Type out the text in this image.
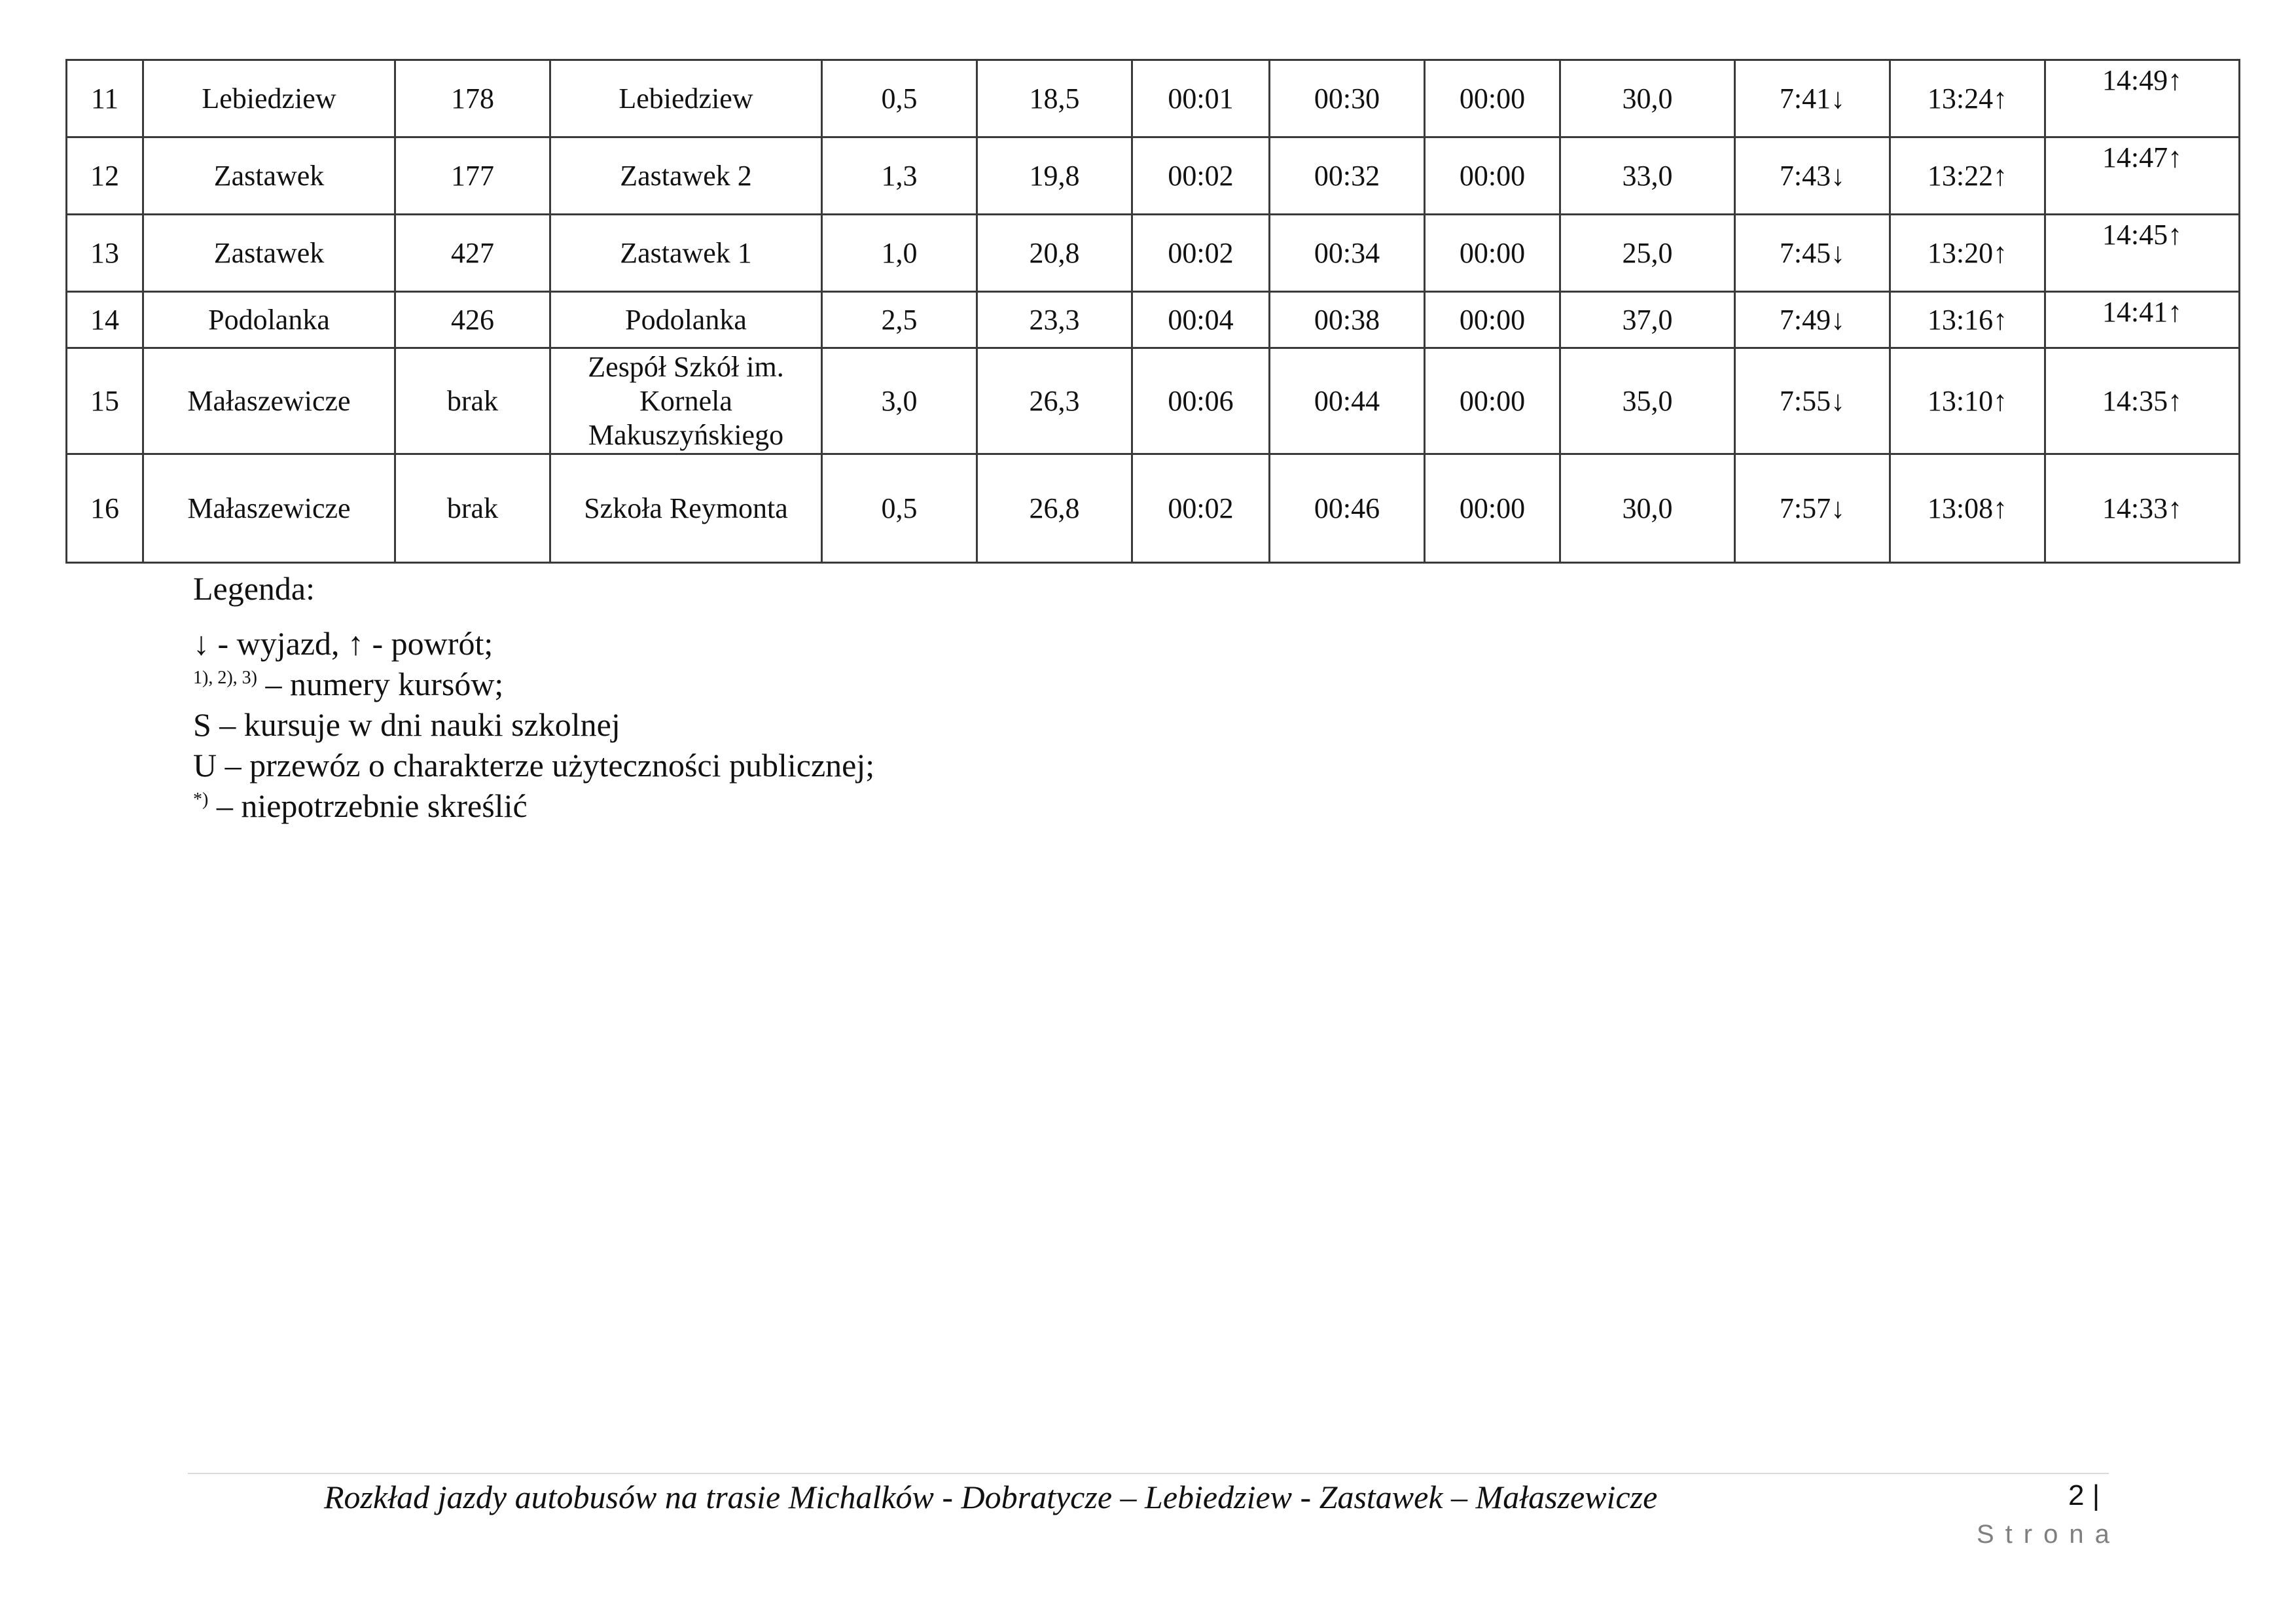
11	Lebiedziew	178	Lebiedziew	0,5	18,5	00:01	00:30	00:00	30,0	7:41↓	13:24↑	14:49↑
12	Zastawek	177	Zastawek 2	1,3	19,8	00:02	00:32	00:00	33,0	7:43↓	13:22↑	14:47↑
13	Zastawek	427	Zastawek 1	1,0	20,8	00:02	00:34	00:00	25,0	7:45↓	13:20↑	14:45↑
14	Podolanka	426	Podolanka	2,5	23,3	00:04	00:38	00:00	37,0	7:49↓	13:16↑	14:41↑
15	Małaszewicze	brak	Zespół Szkół im. Kornela Makuszyńskiego	3,0	26,3	00:06	00:44	00:00	35,0	7:55↓	13:10↑	14:35↑
16	Małaszewicze	brak	Szkoła Reymonta	0,5	26,8	00:02	00:46	00:00	30,0	7:57↓	13:08↑	14:33↑
Legenda:
↓ - wyjazd, ↑ - powrót;
$^{1), 2), 3)}$ – numery kursów;
S – kursuje w dni nauki szkolnej
U – przewóz o charakterze użyteczności publicznej;
*) – niepotrzebnie skreślić
Rozkład jazdy autobusów na trasie Michalków - Dobratycze – Lebiedziew - Zastawek – Małaszewicze	2 |
Strona
